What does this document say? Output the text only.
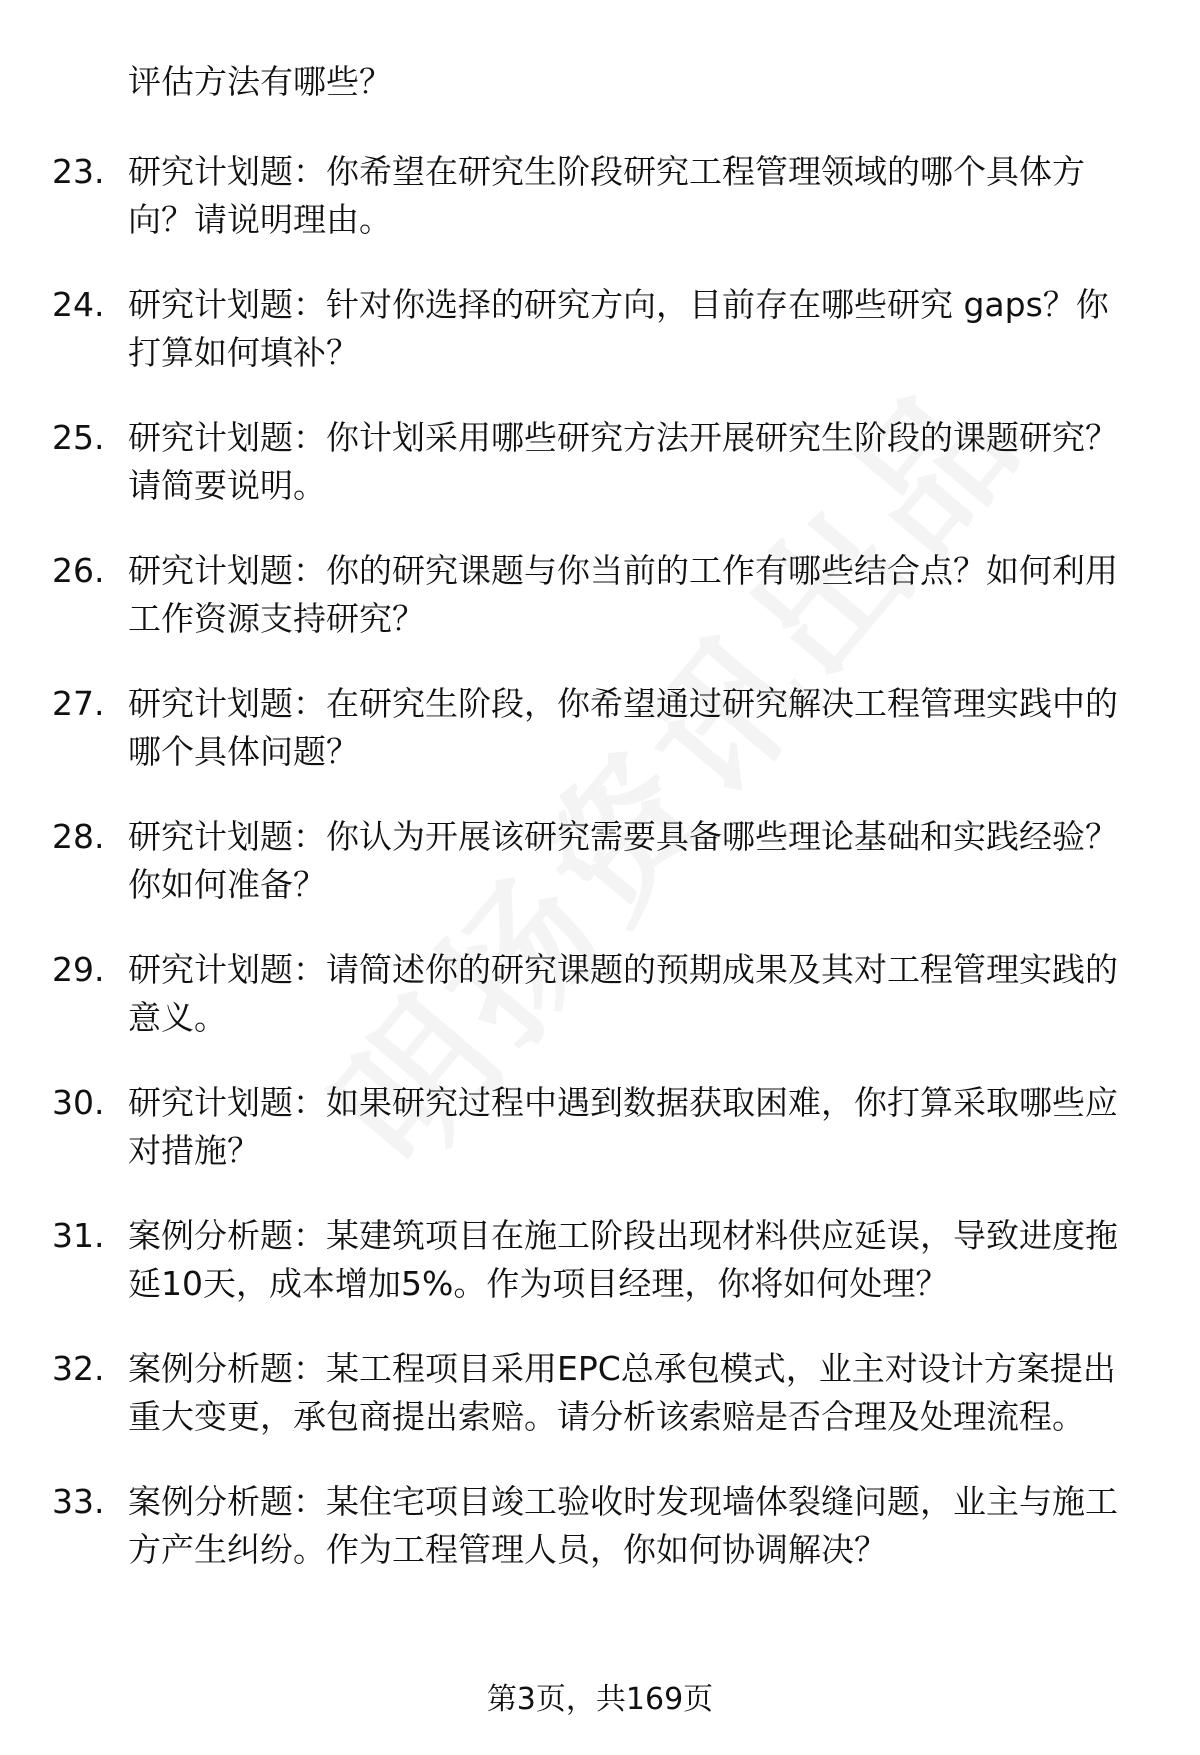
评估方法有哪些？
23. 研究计划题：你希望在研究生阶段研究工程管理领域的哪个具体方向？请说明理由。
24. 研究计划题：针对你选择的研究方向，目前存在哪些研究 gaps？你打算如何填补？
25. 研究计划题：你计划采用哪些研究方法开展研究生阶段的课题研究？请简要说明。
26. 研究计划题：你的研究课题与你当前的工作有哪些结合点？如何利用工作资源支持研究？
27. 研究计划题：在研究生阶段，你希望通过研究解决工程管理实践中的哪个具体问题？
28. 研究计划题：你认为开展该研究需要具备哪些理论基础和实践经验？你如何准备？
29. 研究计划题：请简述你的研究课题的预期成果及其对工程管理实践的意义。
30. 研究计划题：如果研究过程中遇到数据获取困难，你打算采取哪些应对措施？
31. 案例分析题：某建筑项目在施工阶段出现材料供应延误，导致进度拖延10天，成本增加5%。作为项目经理，你将如何处理？
32. 案例分析题：某工程项目采用EPC总承包模式，业主对设计方案提出重大变更，承包商提出索赔。请分析该索赔是否合理及处理流程。
33. 案例分析题：某住宅项目竣工验收时发现墙体裂缝问题，业主与施工方产生纠纷。作为工程管理人员，你如何协调解决？
第3页，共169页
